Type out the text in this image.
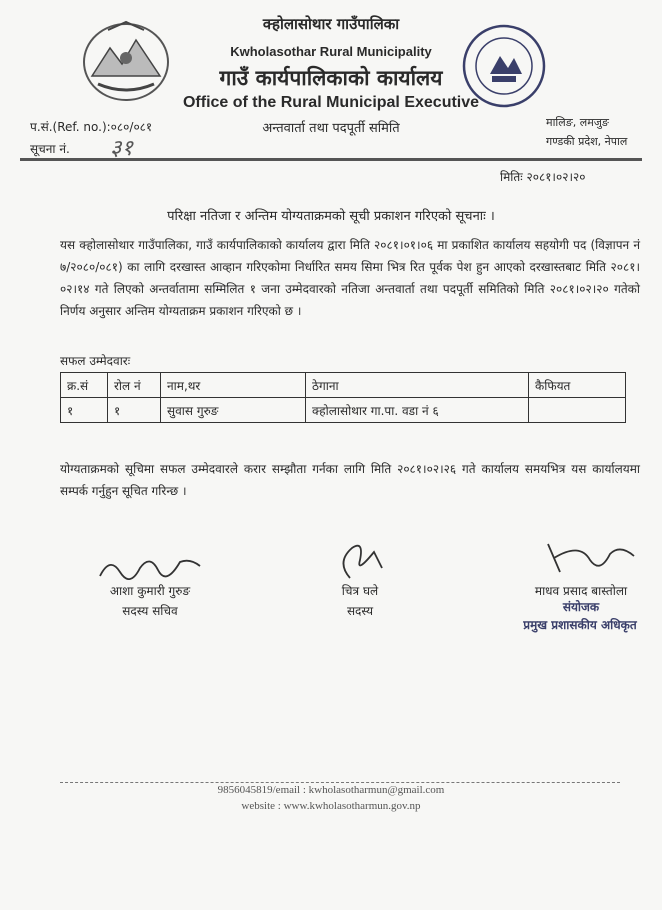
क्होलासोथार गाउँपालिका
Kwholasothar Rural Municipality
गाउँ कार्यपालिकाको कार्यालय
Office of the Rural Municipal Executive
अन्तवार्ता तथा पदपूर्ती समिति
प.सं.(Ref. no.):०८०/०८१
सूचना नं. ३१
मालिङ, लमजुङ
गण्डकी प्रदेश, नेपाल
मितिः २०८१।०२।२०
परिक्षा नतिजा र अन्तिम योग्यताक्रमको सूची प्रकाशन गरिएको सूचनाः ।
यस क्होलासोथार गाउँपालिका, गाउँ कार्यपालिकाको कार्यालय द्वारा मिति २०८१।०१।०६ मा प्रकाशित कार्यालय सहयोगी पद (विज्ञापन नं ७/२०८०/०८१) का लागि दरखास्त आव्हान गरिएकोमा निर्धारित समय सिमा भित्र रित पूर्वक पेश हुन आएको दरखास्तबाट मिति २०८१।०२।१४ गते लिएको अन्तर्वातामा सम्मिलित १ जना उम्मेदवारको नतिजा अन्तवार्ता तथा पदपूर्ती समितिको मिति २०८१।०२।२० गतेको निर्णय अनुसार अन्तिम योग्यताक्रम प्रकाशन गरिएको छ ।
सफल उम्मेदवारः
क्र.सं	रोल नं	नाम,थर	ठेगाना	कैफियत
१	१	सुवास गुरुङ	क्होलासोथार गा.पा. वडा नं ६	
योग्यताक्रमको सूचिमा सफल उम्मेदवारले करार सम्झौता गर्नका लागि मिति २०८१।०२।२६ गते कार्यालय समयभित्र यस कार्यालयमा सम्पर्क गर्नुहुन सूचित गरिन्छ ।
आशा कुमारी गुरुङ
सदस्य सचिव
चित्र घले
सदस्य
माधव प्रसाद बास्तोला
संयोजक
प्रमुख प्रशासकीय अधिकृत
9856045819/email : kwholasotharmun@gmail.com
website : www.kwholasotharmun.gov.np
